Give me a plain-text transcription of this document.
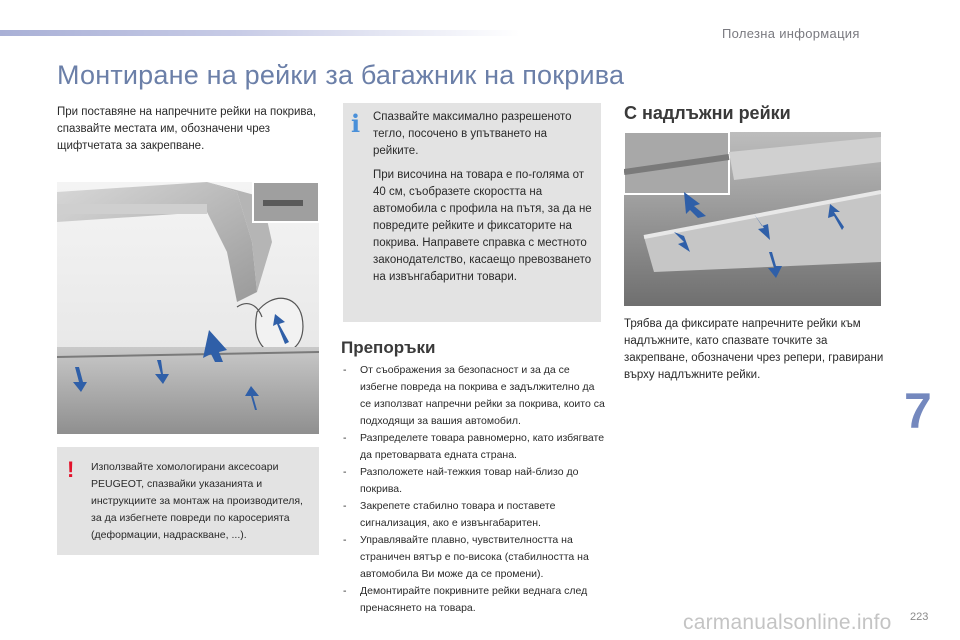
Полезна информация
Монтиране на рейки за багажник на покрива

При поставяне на напречните рейки на покрива, спазвайте местата им, обозначени чрез щифтчетата за закрепване.

! Използвайте хомологирани аксесоари PEUGEOT, спазвайки указанията и инструкциите за монтаж на производителя, за да избегнете повреди по каросерията (деформации, надраскване, ...).

i Спазвайте максимално разрешеното тегло, посочено в упътването на рейките.

При височина на товара е по-голяма от 40 см, съобразете скоростта на автомобила с профила на пътя, за да не повредите рейките и фиксаторите на покрива. Направете справка с местното законодателство, касаещо превозването на извънгабаритни товари.

Препоръки
- От съображения за безопасност и за да се избегне повреда на покрива е задължително да се използват напречни рейки за покрива, които са подходящи за вашия автомобил.
- Разпределете товара равномерно, като избягвате да претоварвата едната страна.
- Разположете най-тежкия товар най-близо до покрива.
- Закрепете стабилно товара и поставете сигнализация, ако е извънгабаритен.
- Управлявайте плавно, чувствителността на страничен вятър е по-висока (стабилността на автомобила Ви може да се промени).
- Демонтирайте покривните рейки веднага след пренасянето на товара.
С надлъжни рейки

Трябва да фиксирате напречните рейки към надлъжните, като спазвате точките за закрепване, обозначени чрез репери, гравирани върху надлъжните рейки.

7
carmanualsonline.info 223
